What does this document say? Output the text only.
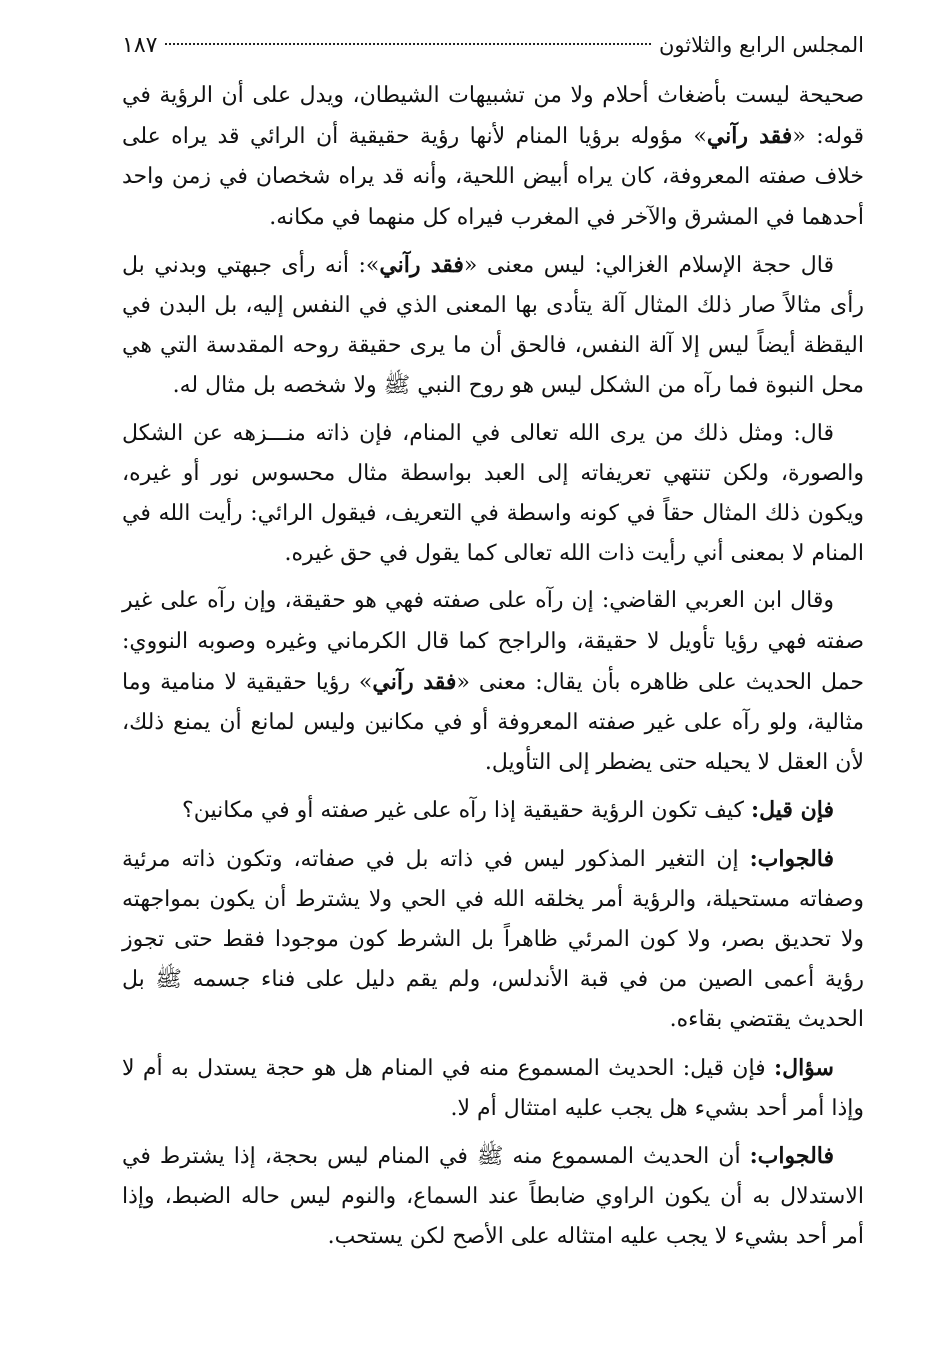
المجلس الرابع والثلاثون
١٨٧

صحيحة ليست بأضغاث أحلام ولا من تشبيهات الشيطان، ويدل على أن الرؤية في قوله: «فقد رآني» مؤوله برؤيا المنام لأنها رؤية حقيقية أن الرائي قد يراه على خلاف صفته المعروفة، كان يراه أبيض اللحية، وأنه قد يراه شخصان في زمن واحد أحدهما في المشرق والآخر في المغرب فيراه كل منهما في مكانه.

قال حجة الإسلام الغزالي: ليس معنى «فقد رآني»: أنه رأى جبهتي وبدني بل رأى مثالاً صار ذلك المثال آلة يتأدى بها المعنى الذي في النفس إليه، بل البدن في اليقظة أيضاً ليس إلا آلة النفس، فالحق أن ما يرى حقيقة روحه المقدسة التي هي محل النبوة فما رآه من الشكل ليس هو روح النبي ﷺ ولا شخصه بل مثال له.

قال: ومثل ذلك من يرى الله تعالى في المنام، فإن ذاته منـــزهه عن الشكل والصورة، ولكن تنتهي تعريفاته إلى العبد بواسطة مثال محسوس نور أو غيره، ويكون ذلك المثال حقاً في كونه واسطة في التعريف، فيقول الرائي: رأيت الله في المنام لا بمعنى أني رأيت ذات الله تعالى كما يقول في حق غيره.

وقال ابن العربي القاضي: إن رآه على صفته فهي هو حقيقة، وإن رآه على غير صفته فهي رؤيا تأويل لا حقيقة، والراجح كما قال الكرماني وغيره وصوبه النووي: حمل الحديث على ظاهره بأن يقال: معنى «فقد رآني» رؤيا حقيقية لا منامية وما مثالية، ولو رآه على غير صفته المعروفة أو في مكانين وليس لمانع أن يمنع ذلك، لأن العقل لا يحيله حتى يضطر إلى التأويل.

فإن قيل: كيف تكون الرؤية حقيقية إذا رآه على غير صفته أو في مكانين؟

فالجواب: إن التغير المذكور ليس في ذاته بل في صفاته، وتكون ذاته مرئية وصفاته مستحيلة، والرؤية أمر يخلقه الله في الحي ولا يشترط أن يكون بمواجهته ولا تحديق بصر، ولا كون المرئي ظاهراً بل الشرط كون موجودا فقط حتى تجوز رؤية أعمى الصين من في قبة الأندلس، ولم يقم دليل على فناء جسمه ﷺ بل الحديث يقتضي بقاءه.

سؤال: فإن قيل: الحديث المسموع منه في المنام هل هو حجة يستدل به أم لا وإذا أمر أحد بشيء هل يجب عليه امتثال أم لا.

فالجواب: أن الحديث المسموع منه ﷺ في المنام ليس بحجة، إذا يشترط في الاستدلال به أن يكون الراوي ضابطاً عند السماع، والنوم ليس حاله الضبط، وإذا أمر أحد بشيء لا يجب عليه امتثاله على الأصح لكن يستحب.
